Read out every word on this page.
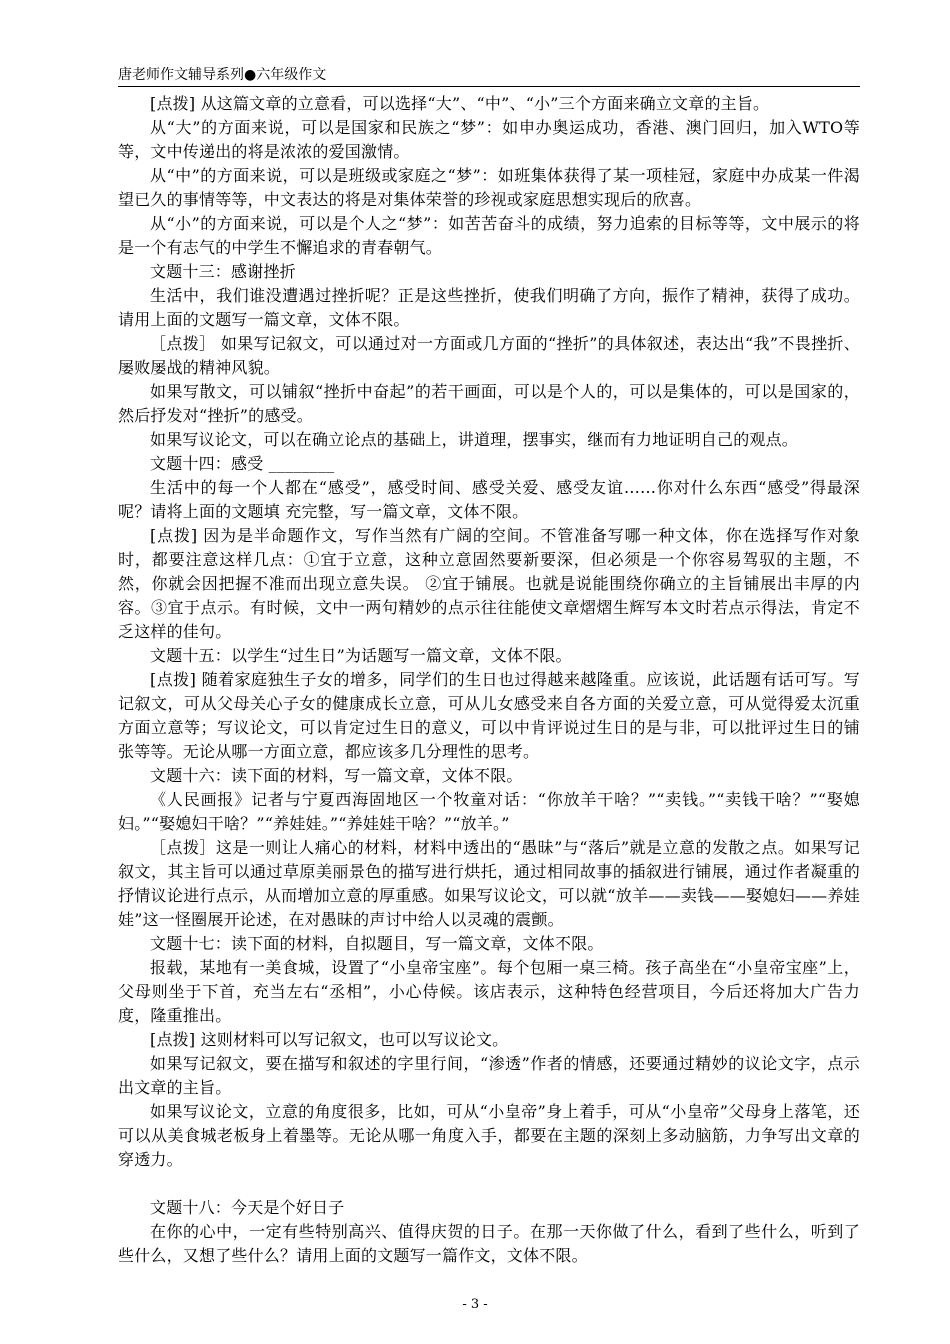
唐老师作文辅导系列●六年级作文

[点拨] 从这篇文章的立意看，可以选择“大”、“中”、“小”三个方面来确立文章的主旨。

从“大”的方面来说，可以是国家和民族之“梦”：如申办奥运成功，香港、澳门回归，加入WTO等等，文中传递出的将是浓浓的爱国激情。

从“中”的方面来说，可以是班级或家庭之“梦”：如班集体获得了某一项桂冠，家庭中办成某一件渴望已久的事情等等，中文表达的将是对集体荣誉的珍视或家庭思想实现后的欣喜。

从“小”的方面来说，可以是个人之“梦”：如苦苦奋斗的成绩，努力追索的目标等等，文中展示的将是一个有志气的中学生不懈追求的青春朝气。

文题十三：感谢挫折

生活中，我们谁没遭遇过挫折呢？正是这些挫折，使我们明确了方向，振作了精神，获得了成功。请用上面的文题写一篇文章，文体不限。

［点拨］ 如果写记叙文，可以通过对一方面或几方面的“挫折”的具体叙述，表达出“我”不畏挫折、屡败屡战的精神风貌。

如果写散文，可以铺叙“挫折中奋起”的若干画面，可以是个人的，可以是集体的，可以是国家的，然后抒发对“挫折”的感受。

如果写议论文，可以在确立论点的基础上，讲道理，摆事实，继而有力地证明自己的观点。

文题十四：感受 ________

生活中的每一个人都在“感受”，感受时间、感受关爱、感受友谊……你对什么东西“感受”得最深呢？请将上面的文题填 充完整，写一篇文章，文体不限。

[点拨] 因为是半命题作文，写作当然有广阔的空间。不管准备写哪一种文体，你在选择写作对象时，都要注意这样几点：①宜于立意，这种立意固然要新要深，但必须是一个你容易驾驭的主题，不然，你就会因把握不准而出现立意失误。 ②宜于铺展。也就是说能围绕你确立的主旨铺展出丰厚的内容。③宜于点示。有时候，文中一两句精妙的点示往往能使文章熠熠生辉写本文时若点示得法，肯定不乏这样的佳句。

文题十五：以学生“过生日”为话题写一篇文章，文体不限。

[点拨] 随着家庭独生子女的增多，同学们的生日也过得越来越隆重。应该说，此话题有话可写。写记叙文，可从父母关心子女的健康成长立意，可从儿女感受来自各方面的关爱立意，可从觉得爱太沉重方面立意等；写议论文，可以肯定过生日的意义，可以中肯评说过生日的是与非，可以批评过生日的铺张等等。无论从哪一方面立意，都应该多几分理性的思考。

文题十六：读下面的材料，写一篇文章，文体不限。

《人民画报》记者与宁夏西海固地区一个牧童对话：“你放羊干啥？”“卖钱。”“卖钱干啥？”“娶媳妇。”“娶媳妇干啥？”“养娃娃。”“养娃娃干啥？”“放羊。”

［点拨］这是一则让人痛心的材料，材料中透出的“愚昧”与“落后”就是立意的发散之点。如果写记叙文，其主旨可以通过草原美丽景色的描写进行烘托，通过相同故事的插叙进行铺展，通过作者凝重的抒情议论进行点示，从而增加立意的厚重感。如果写议论文，可以就“放羊——卖钱——娶媳妇——养娃娃”这一怪圈展开论述，在对愚昧的声讨中给人以灵魂的震颤。

文题十七：读下面的材料，自拟题目，写一篇文章，文体不限。

报载，某地有一美食城，设置了“小皇帝宝座”。每个包厢一桌三椅。孩子高坐在“小皇帝宝座”上，父母则坐于下首，充当左右“丞相”，小心侍候。该店表示，这种特色经营项目，今后还将加大广告力度，隆重推出。

[点拨] 这则材料可以写记叙文，也可以写议论文。

如果写记叙文，要在描写和叙述的字里行间，“渗透”作者的情感，还要通过精妙的议论文字，点示出文章的主旨。

如果写议论文，立意的角度很多，比如，可从“小皇帝”身上着手，可从“小皇帝”父母身上落笔，还可以从美食城老板身上着墨等。无论从哪一角度入手，都要在主题的深刻上多动脑筋，力争写出文章的穿透力。

文题十八：今天是个好日子

在你的心中，一定有些特别高兴、值得庆贺的日子。在那一天你做了什么，看到了些什么，听到了些什么，又想了些什么？请用上面的文题写一篇作文，文体不限。

- 3 -
